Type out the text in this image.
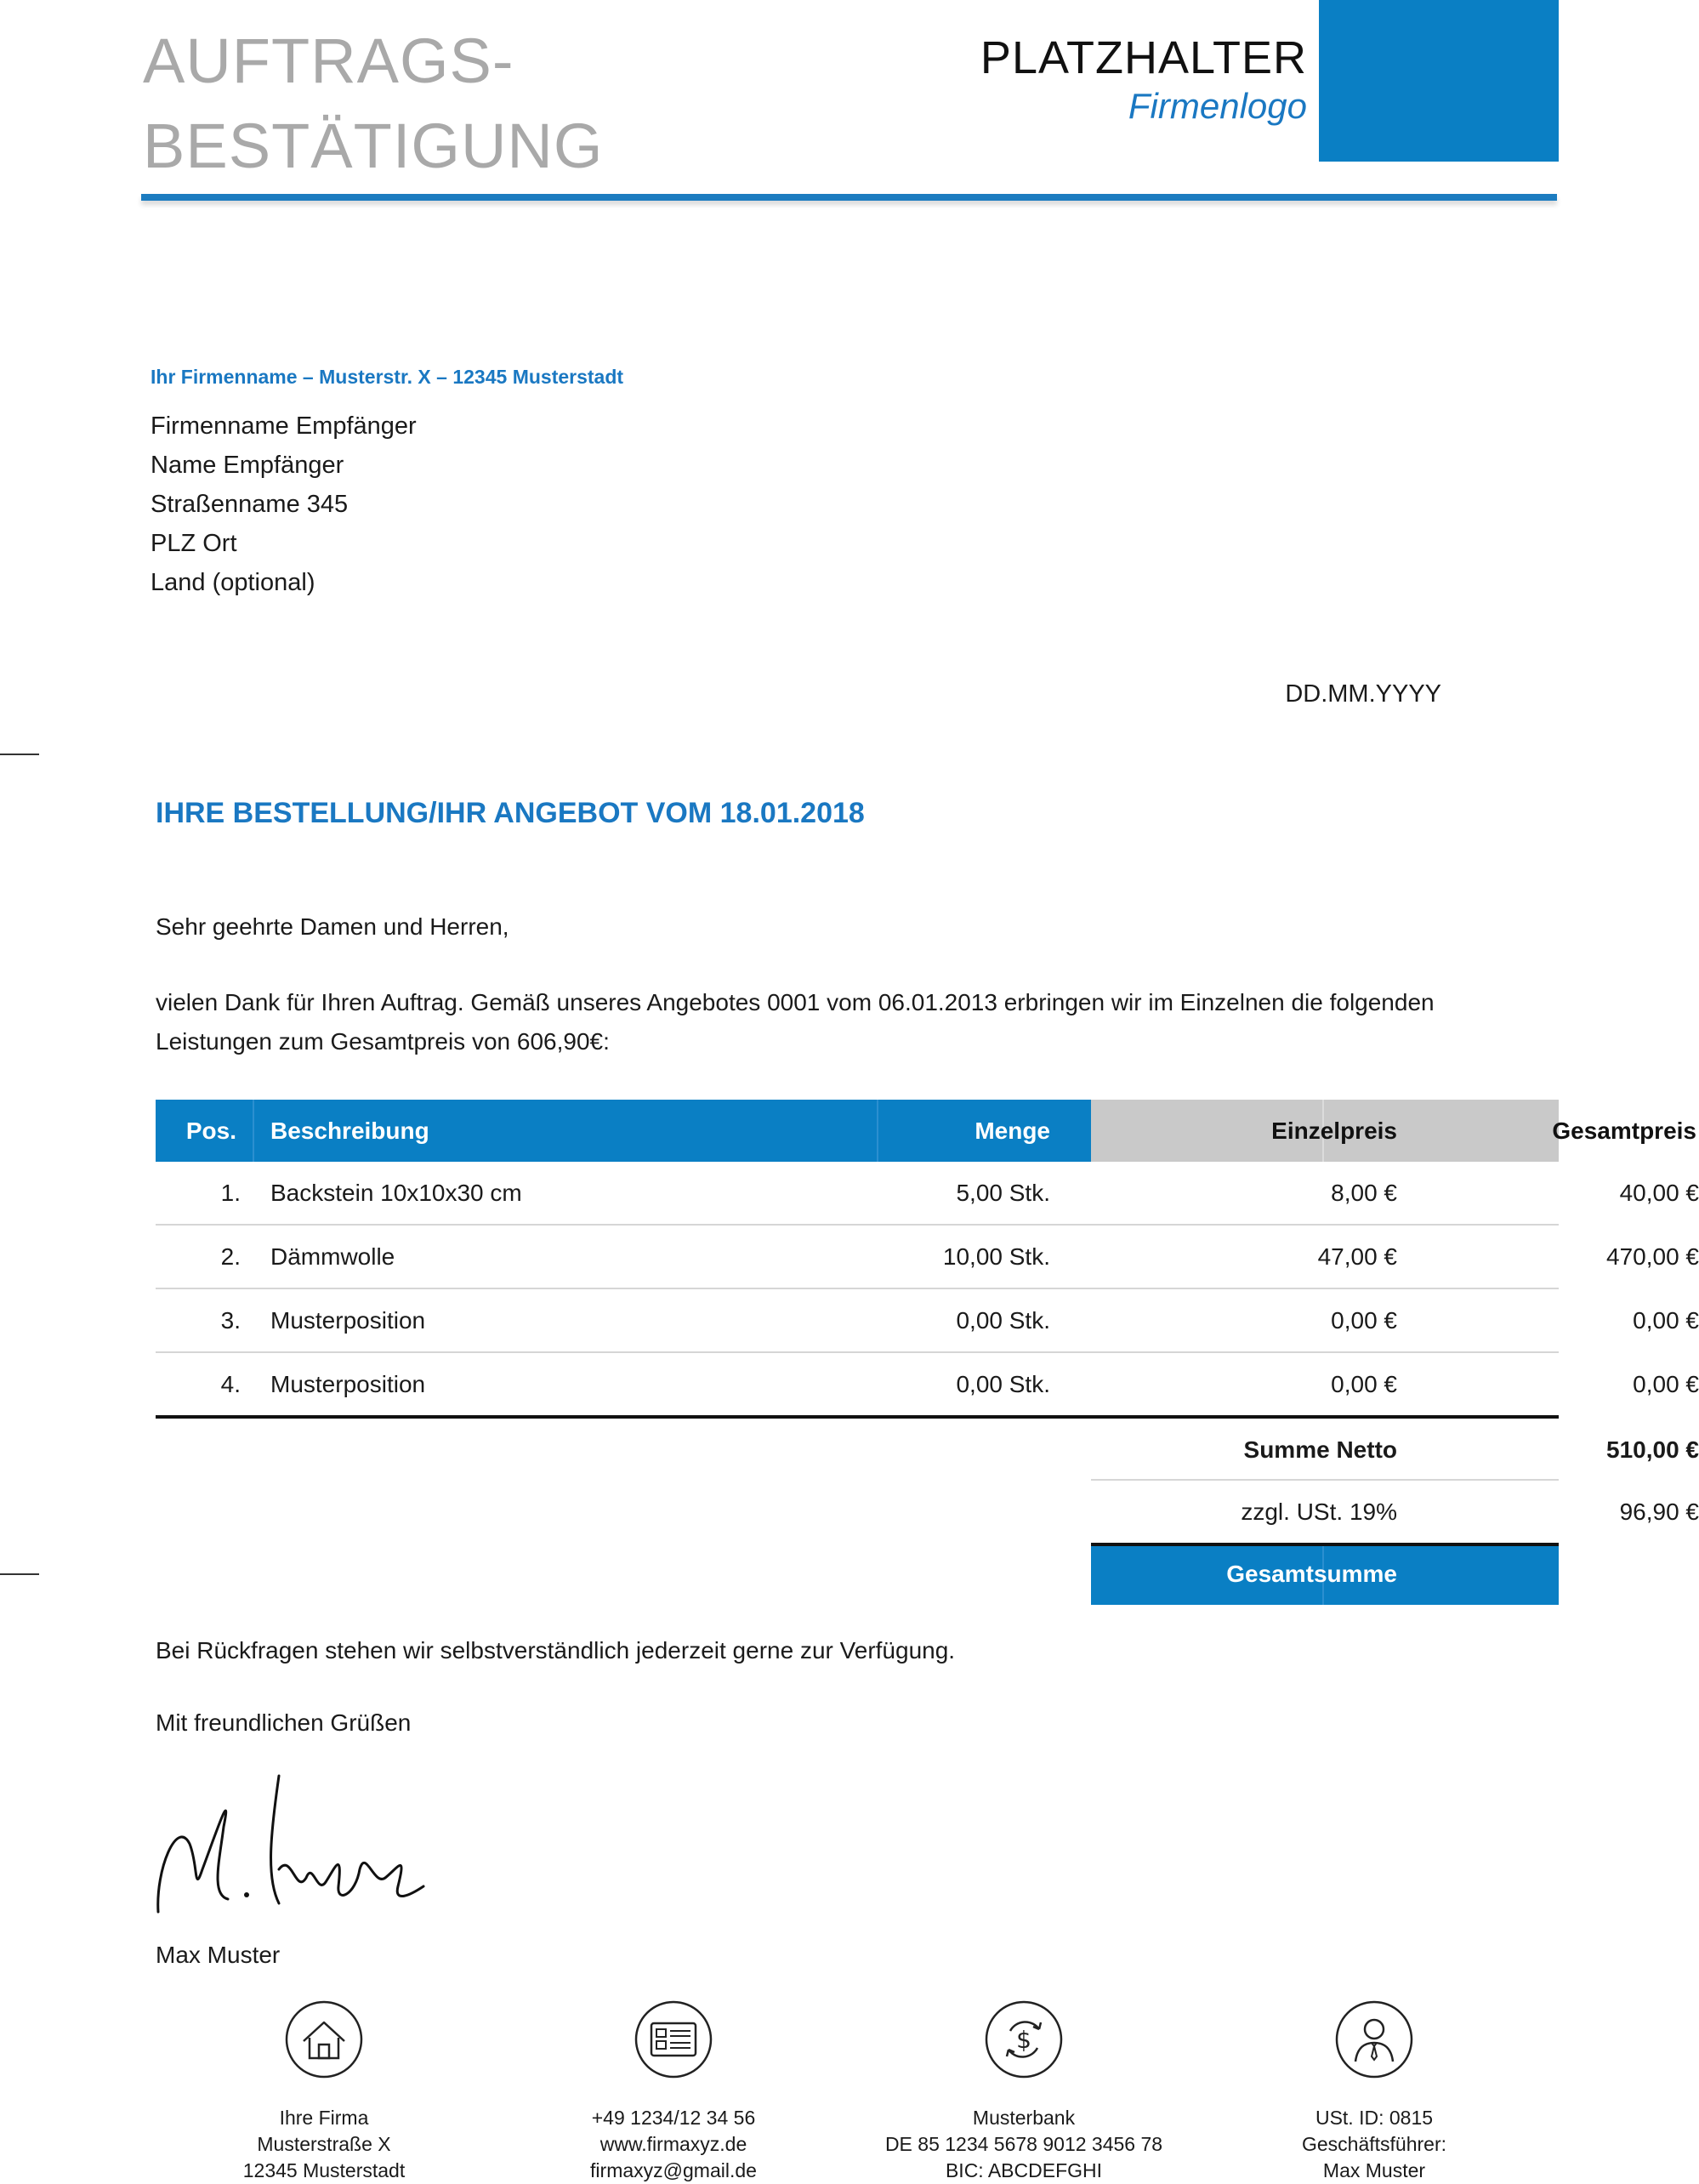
AUFTRAGS-
BESTÄTIGUNG
PLATZHALTER
Firmenlogo
Ihr Firmenname – Musterstr. X – 12345 Musterstadt
Firmenname Empfänger
Name Empfänger
Straßenname 345
PLZ Ort
Land (optional)
DD.MM.YYYY
IHRE BESTELLUNG/IHR ANGEBOT VOM 18.01.2018
Sehr geehrte Damen und Herren,
vielen Dank für Ihren Auftrag. Gemäß unseres Angebotes 0001 vom 06.01.2013 erbringen wir im Einzelnen die folgenden Leistungen zum Gesamtpreis von 606,90€:
Pos. Beschreibung	Menge	Einzelpreis	Gesamtpreis
1. Backstein 10x10x30 cm	5,00 Stk.	8,00 €	40,00 €
2. Dämmwolle	10,00 Stk.	47,00 €	470,00 €
3. Musterposition	0,00 Stk.	0,00 €	0,00 €
4. Musterposition	0,00 Stk.	0,00 €	0,00 €
Summe Netto	510,00 €
zzgl. USt. 19%	96,90 €
Gesamtsumme	606,90 €
Bei Rückfragen stehen wir selbstverständlich jederzeit gerne zur Verfügung.
Mit freundlichen Grüßen
Max Muster
Ihre Firma
Musterstraße X
12345 Musterstadt
+49 1234/12 34 56
www.firmaxyz.de
firmaxyz@gmail.de
$
Musterbank
DE 85 1234 5678 9012 3456 78
BIC: ABCDEFGHI
USt. ID: 0815
Geschäftsführer:
Max Muster
